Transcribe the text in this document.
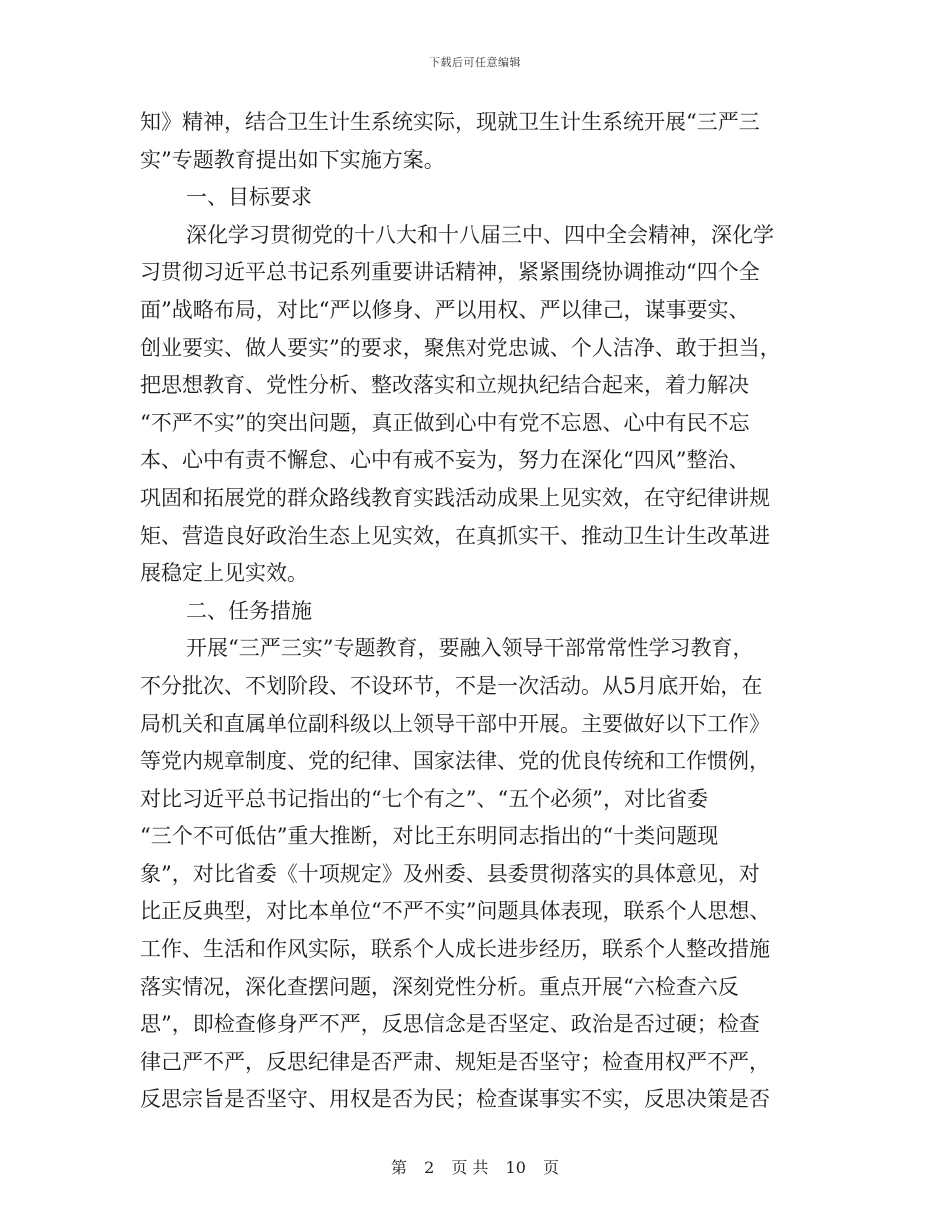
下载后可任意编辑
知》精神，结合卫生计生系统实际，现就卫生计生系统开展“三严三
实”专题教育提出如下实施方案。
一、目标要求
深化学习贯彻党的十八大和十八届三中、四中全会精神，深化学
习贯彻习近平总书记系列重要讲话精神，紧紧围绕协调推动“四个全
面”战略布局，对比“严以修身、严以用权、严以律己，谋事要实、
创业要实、做人要实”的要求，聚焦对党忠诚、个人洁净、敢于担当，
把思想教育、党性分析、整改落实和立规执纪结合起来，着力解决
“不严不实”的突出问题，真正做到心中有党不忘恩、心中有民不忘
本、心中有责不懈怠、心中有戒不妄为，努力在深化“四风”整治、
巩固和拓展党的群众路线教育实践活动成果上见实效，在守纪律讲规
矩、营造良好政治生态上见实效，在真抓实干、推动卫生计生改革进
展稳定上见实效。
二、任务措施
开展“三严三实”专题教育，要融入领导干部常常性学习教育，
不分批次、不划阶段、不设环节，不是一次活动。从5月底开始，在
局机关和直属单位副科级以上领导干部中开展。主要做好以下工作》
等党内规章制度、党的纪律、国家法律、党的优良传统和工作惯例，
对比习近平总书记指出的“七个有之”、“五个必须”，对比省委
“三个不可低估”重大推断，对比王东明同志指出的“十类问题现
象”，对比省委《十项规定》及州委、县委贯彻落实的具体意见，对
比正反典型，对比本单位“不严不实”问题具体表现，联系个人思想、
工作、生活和作风实际，联系个人成长进步经历，联系个人整改措施
落实情况，深化查摆问题，深刻党性分析。重点开展“六检查六反
思”，即检查修身严不严，反思信念是否坚定、政治是否过硬；检查
律己严不严，反思纪律是否严肃、规矩是否坚守；检查用权严不严，
反思宗旨是否坚守、用权是否为民；检查谋事实不实，反思决策是否
第 2 页 共 10 页
